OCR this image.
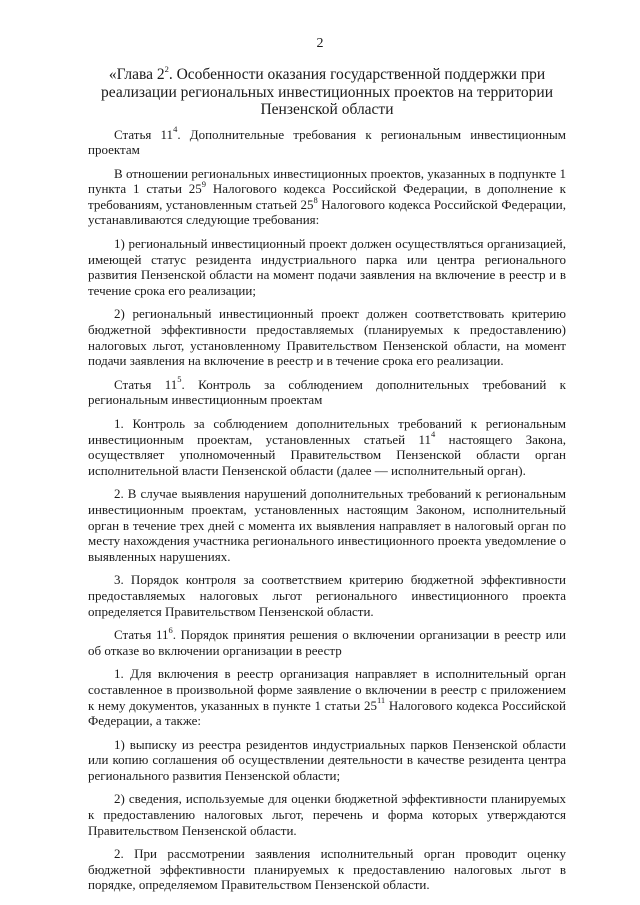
2
«Глава $2^2$. Особенности оказания государственной поддержки при реализации региональных инвестиционных проектов на территории Пензенской области

Статья $11^4$. Дополнительные требования к региональным инвестиционным проектам

В отношении региональных инвестиционных проектов, указанных в подпункте 1 пункта 1 статьи $25^9$ Налогового кодекса Российской Федерации, в дополнение к требованиям, установленным статьей $25^8$ Налогового кодекса Российской Федерации, устанавливаются следующие требования:

1) региональный инвестиционный проект должен осуществляться организацией, имеющей статус резидента индустриального парка или центра регионального развития Пензенской области на момент подачи заявления на включение в реестр и в течение срока его реализации;

2) региональный инвестиционный проект должен соответствовать критерию бюджетной эффективности предоставляемых (планируемых к предоставлению) налоговых льгот, установленному Правительством Пензенской области, на момент подачи заявления на включение в реестр и в течение срока его реализации.

Статья $11^5$. Контроль за соблюдением дополнительных требований к региональным инвестиционным проектам

1. Контроль за соблюдением дополнительных требований к региональным инвестиционным проектам, установленных статьей $11^4$ настоящего Закона, осуществляет уполномоченный Правительством Пензенской области орган исполнительной власти Пензенской области (далее — исполнительный орган).

2. В случае выявления нарушений дополнительных требований к региональным инвестиционным проектам, установленных настоящим Законом, исполнительный орган в течение трех дней с момента их выявления направляет в налоговый орган по месту нахождения участника регионального инвестиционного проекта уведомление о выявленных нарушениях.

3. Порядок контроля за соответствием критерию бюджетной эффективности предоставляемых налоговых льгот регионального инвестиционного проекта определяется Правительством Пензенской области.

Статья $11^6$. Порядок принятия решения о включении организации в реестр или об отказе во включении организации в реестр

1. Для включения в реестр организация направляет в исполнительный орган составленное в произвольной форме заявление о включении в реестр с приложением к нему документов, указанных в пункте 1 статьи $25^{11}$ Налогового кодекса Российской Федерации, а также:

1) выписку из реестра резидентов индустриальных парков Пензенской области или копию соглашения об осуществлении деятельности в качестве резидента центра регионального развития Пензенской области;

2) сведения, используемые для оценки бюджетной эффективности планируемых к предоставлению налоговых льгот, перечень и форма которых утверждаются Правительством Пензенской области.

2. При рассмотрении заявления исполнительный орган проводит оценку бюджетной эффективности планируемых к предоставлению налоговых льгот в порядке, определяемом Правительством Пензенской области.
